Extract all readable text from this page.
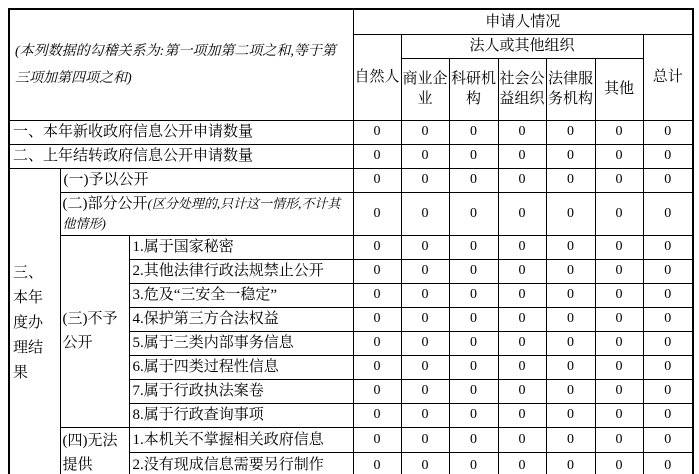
(本列数据的勾稽关系为:第一项加第二项之和,等于第三项加第四项之和)			申请人情况						
			自然人	法人或其他组织					总计
				商业企业	科研机构	社会公益组织	法律服务机构	其他	
一、本年新收政府信息公开申请数量			0	0	0	0	0	0	0
二、上年结转政府信息公开申请数量			0	0	0	0	0	0	0
三、本年度办理结果	(一)予以公开		0	0	0	0	0	0	0
	(二)部分公开(区分处理的,只计这一情形,不计其他情形)		0	0	0	0	0	0	0
	(三)不予公开	1.属于国家秘密	0	0	0	0	0	0	0
		2.其他法律行政法规禁止公开	0	0	0	0	0	0	0
		3.危及“三安全一稳定”	0	0	0	0	0	0	0
		4.保护第三方合法权益	0	0	0	0	0	0	0
		5.属于三类内部事务信息	0	0	0	0	0	0	0
		6.属于四类过程性信息	0	0	0	0	0	0	0
		7.属于行政执法案卷	0	0	0	0	0	0	0
		8.属于行政查询事项	0	0	0	0	0	0	0
	(四)无法提供	1.本机关不掌握相关政府信息	0	0	0	0	0	0	0
		2.没有现成信息需要另行制作	0	0	0	0	0	0	0
